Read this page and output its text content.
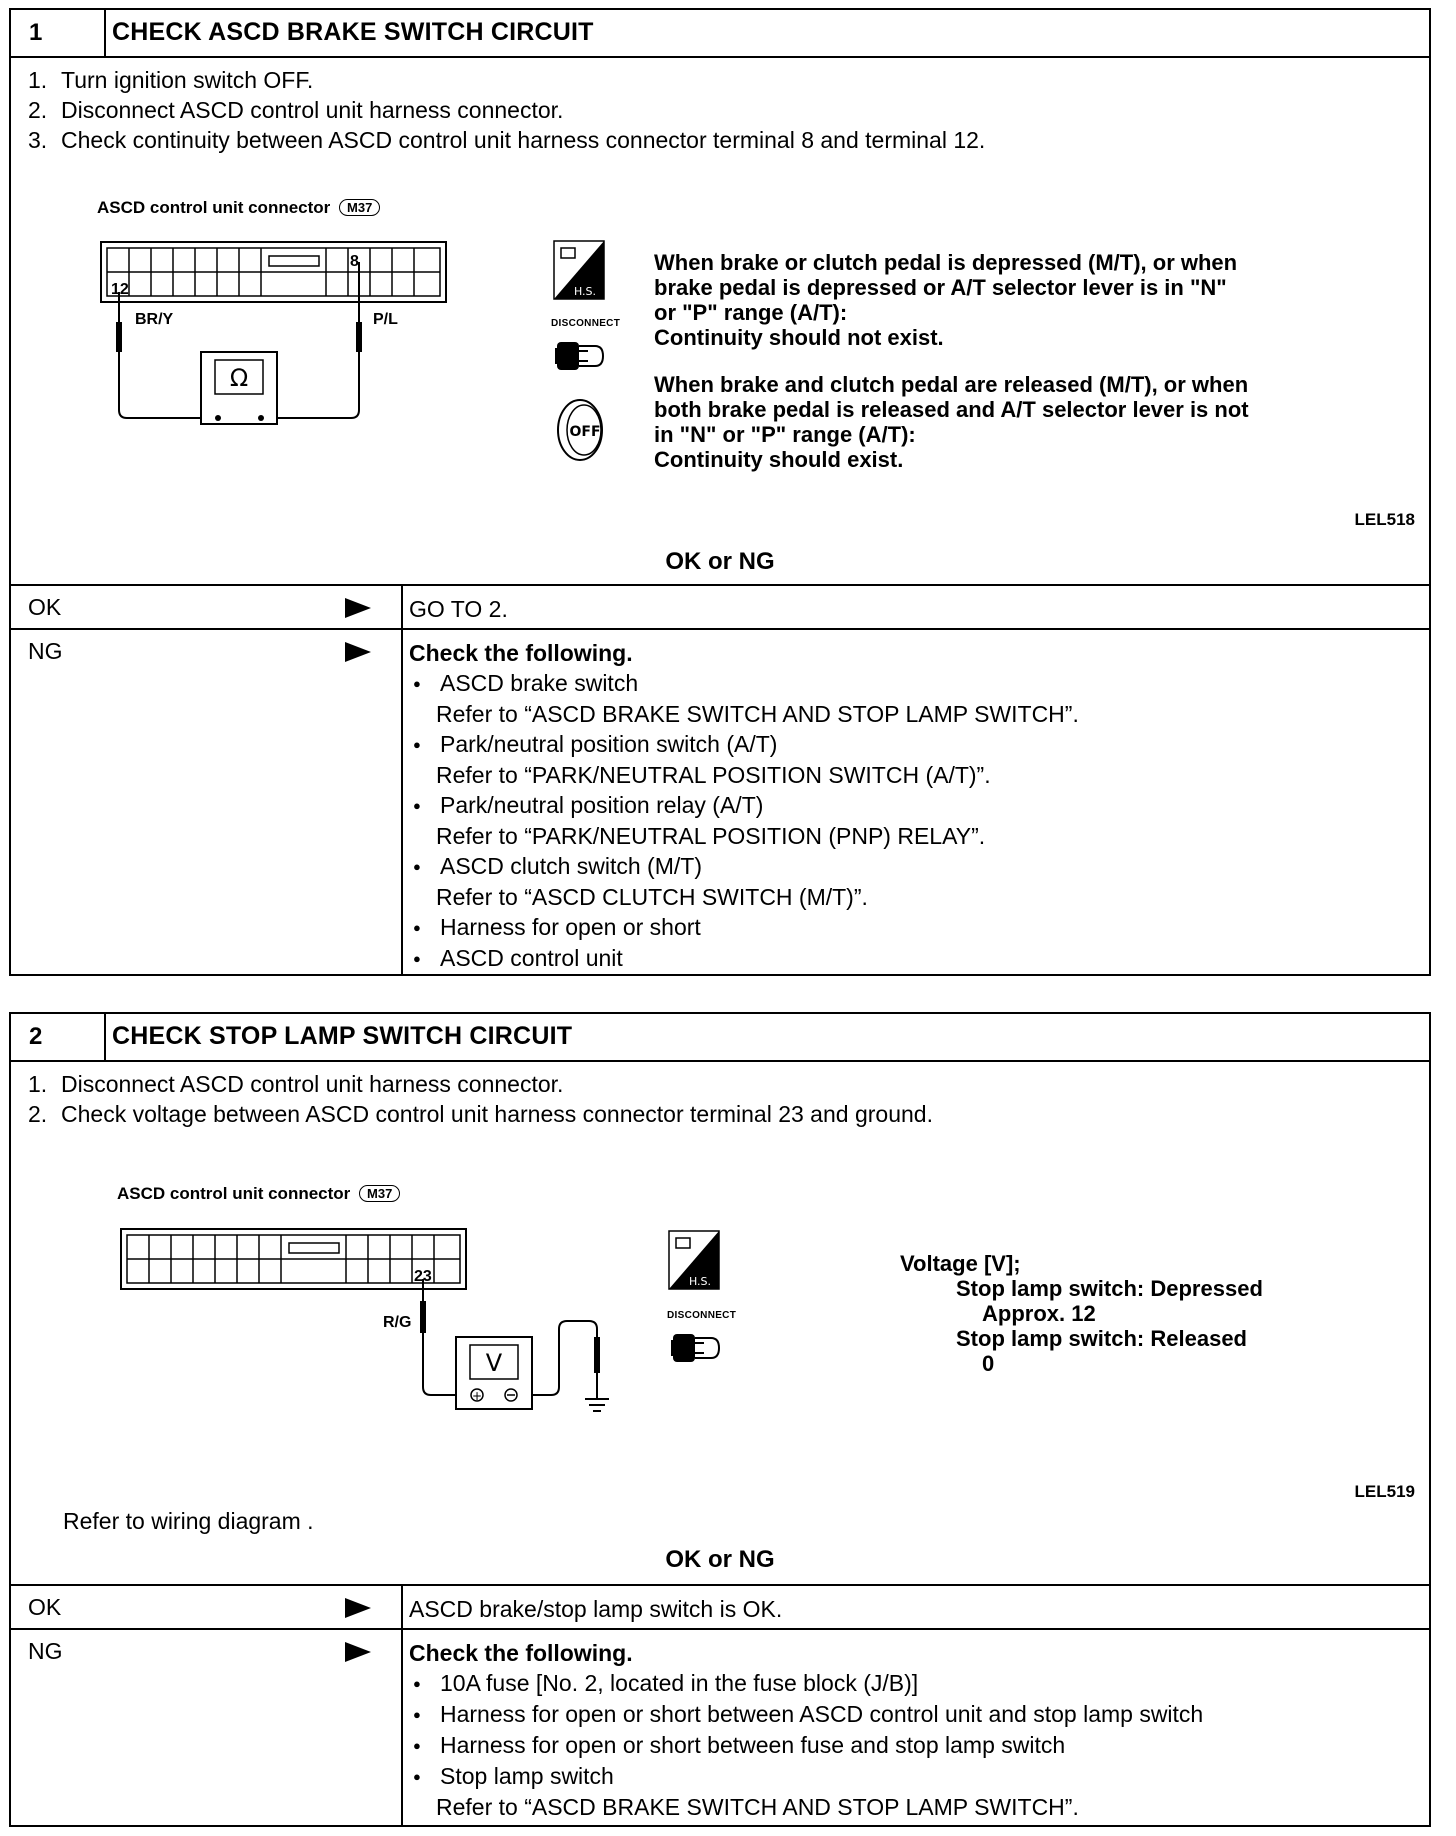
1	CHECK ASCD BRAKE SWITCH CIRCUIT
1. Turn ignition switch OFF.
2. Disconnect ASCD control unit harness connector.
3. Check continuity between ASCD control unit harness connector terminal 8 and terminal 12.
ASCD control unit connector M37
Ω
12
8
BR/Y	P/L
H.S.
DISCONNECT
OFF
When brake or clutch pedal is depressed (M/T), or when
brake pedal is depressed or A/T selector lever is in "N"
or "P" range (A/T):
Continuity should not exist.
When brake and clutch pedal are released (M/T), or when
both brake pedal is released and A/T selector lever is not
in "N" or "P" range (A/T):
Continuity should exist.
LEL518
OK or NG
OK	GO TO 2.
NG	Check the following.
● ASCD brake switch
Refer to “ASCD BRAKE SWITCH AND STOP LAMP SWITCH”.
● Park/neutral position switch (A/T)
Refer to “PARK/NEUTRAL POSITION SWITCH (A/T)”.
● Park/neutral position relay (A/T)
Refer to “PARK/NEUTRAL POSITION (PNP) RELAY”.
● ASCD clutch switch (M/T)
Refer to “ASCD CLUTCH SWITCH (M/T)”.
● Harness for open or short
● ASCD control unit
2	CHECK STOP LAMP SWITCH CIRCUIT
1. Disconnect ASCD control unit harness connector.
2. Check voltage between ASCD control unit harness connector terminal 23 and ground.
ASCD control unit connector M37
V
+
23
R/G
H.S.
DISCONNECT
Voltage [V];
Stop lamp switch: Depressed
Approx. 12
Stop lamp switch: Released
0
LEL519
Refer to wiring diagram .
OK or NG
OK	ASCD brake/stop lamp switch is OK.
NG	Check the following.
● 10A fuse [No. 2, located in the fuse block (J/B)]
● Harness for open or short between ASCD control unit and stop lamp switch
● Harness for open or short between fuse and stop lamp switch
● Stop lamp switch
Refer to “ASCD BRAKE SWITCH AND STOP LAMP SWITCH”.
